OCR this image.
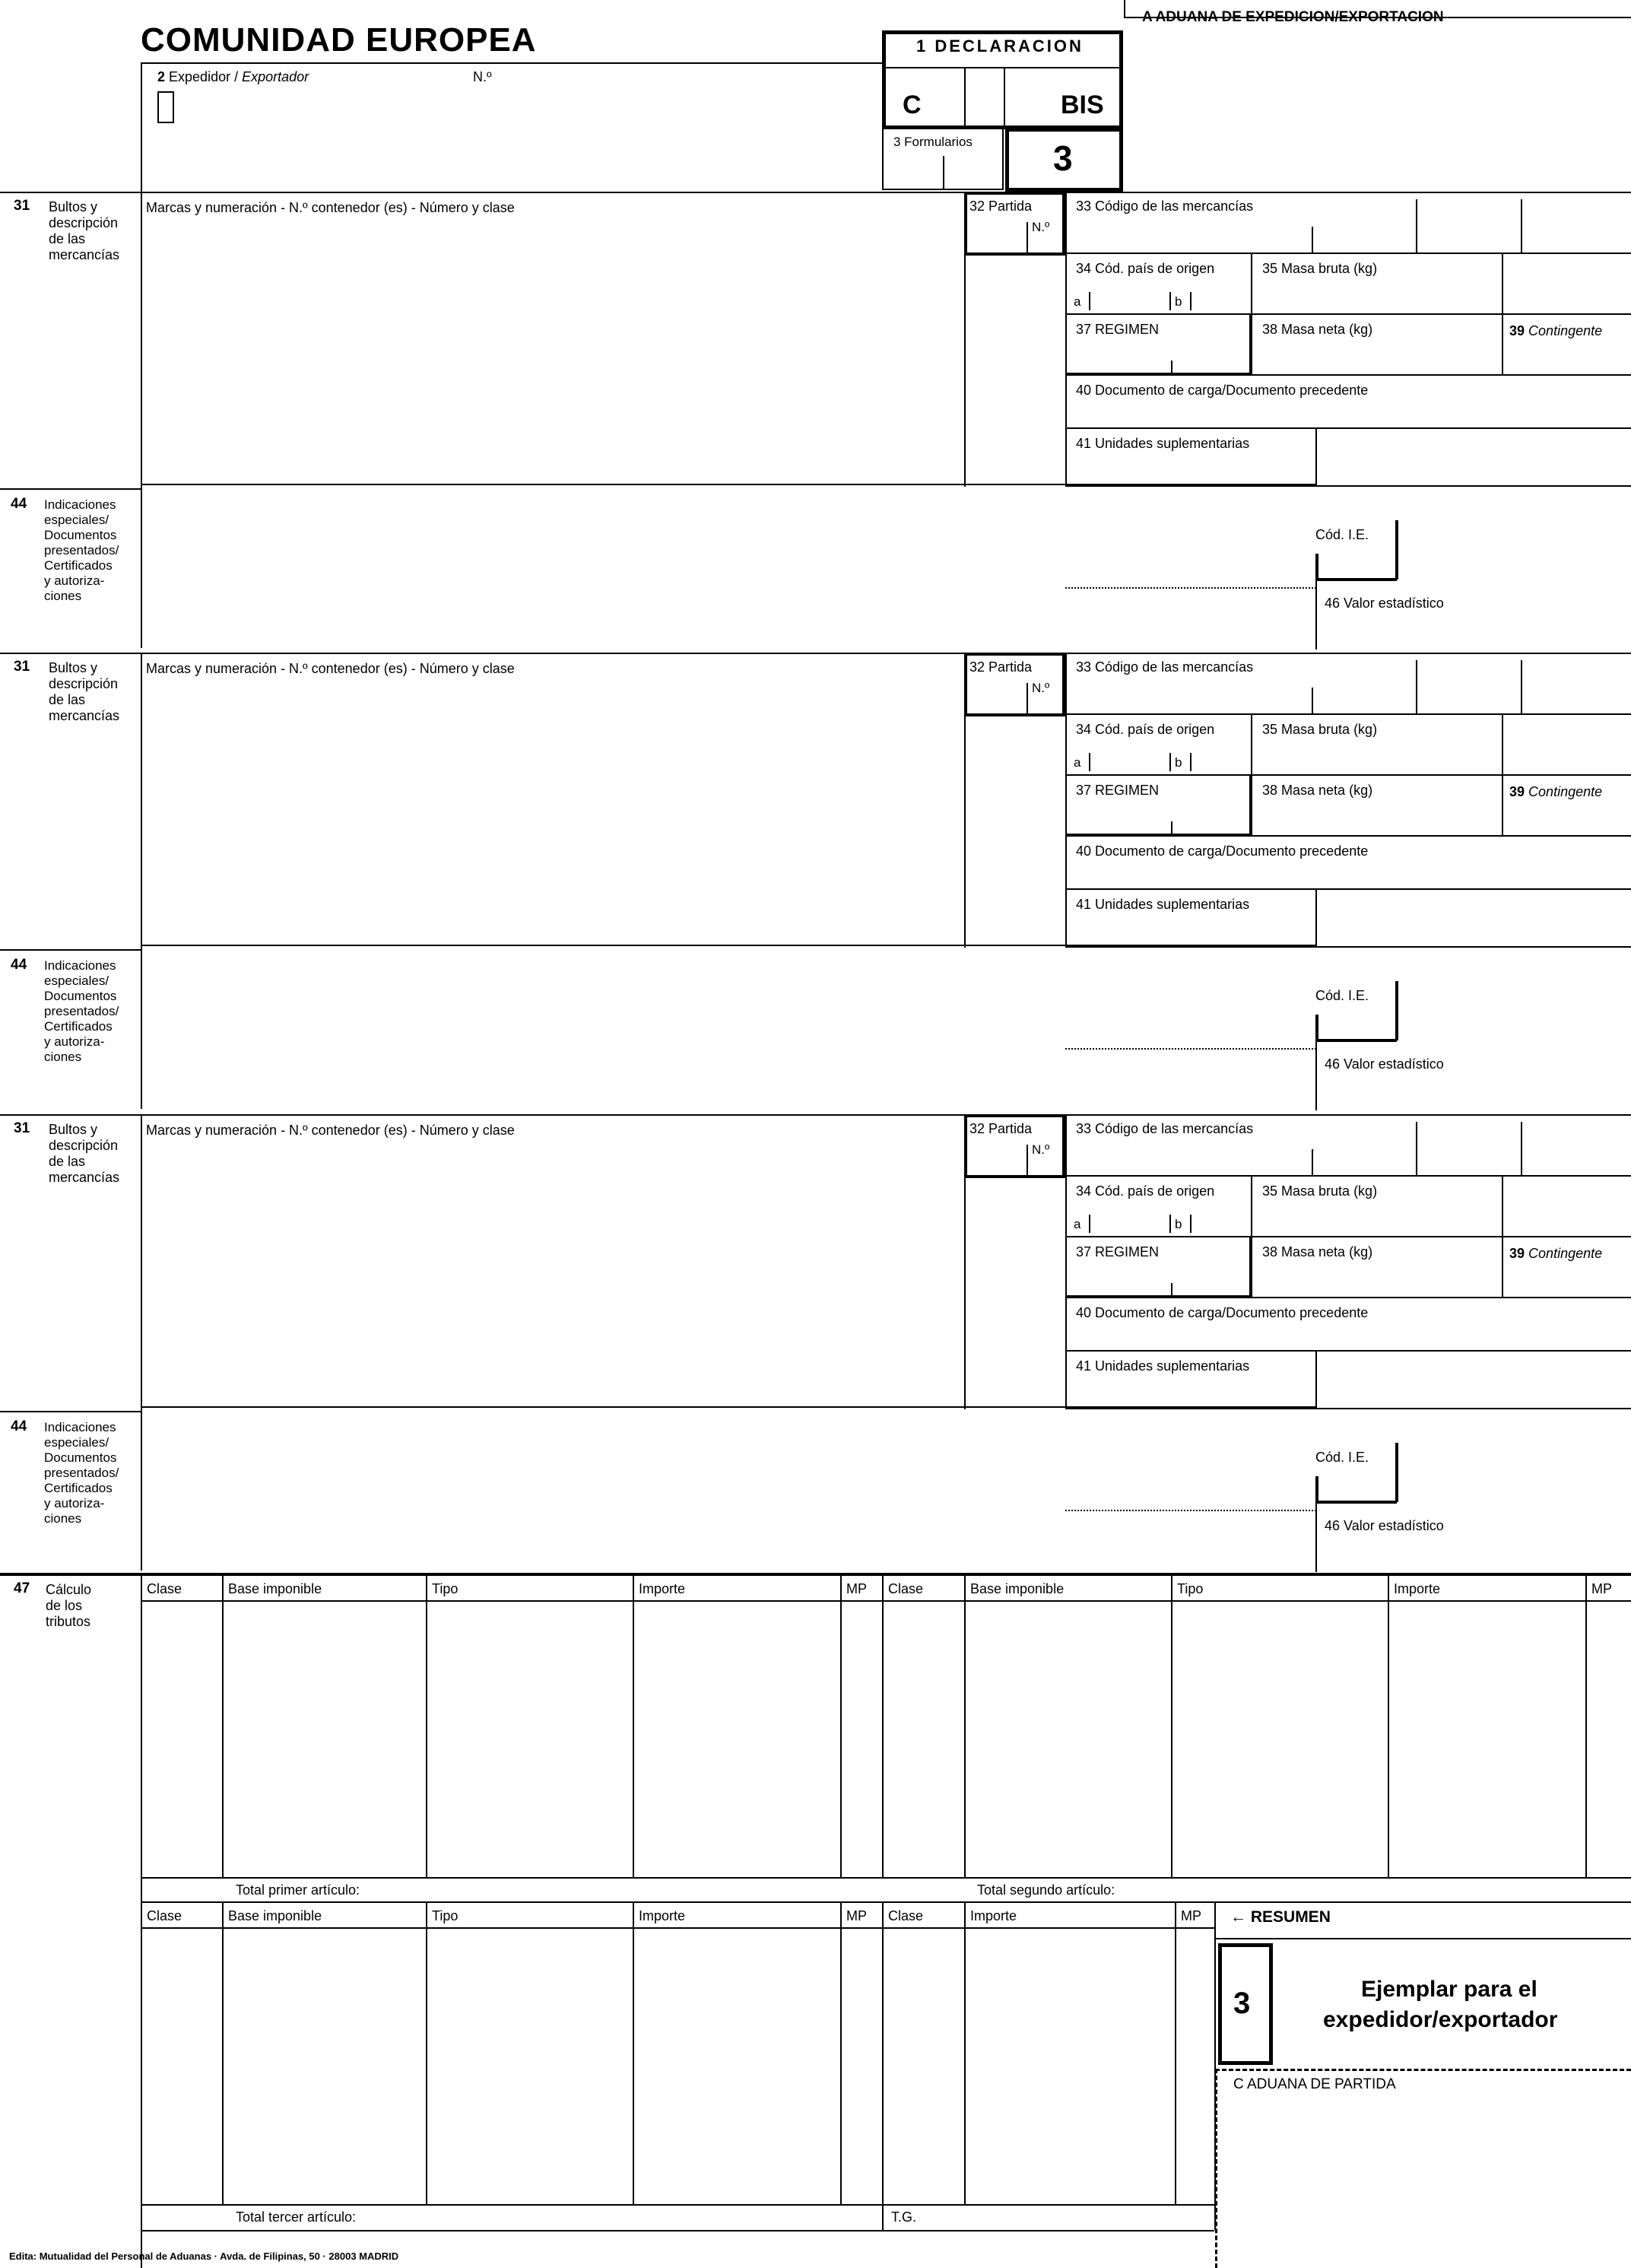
COMUNIDAD EUROPEA
A ADUANA DE EXPEDICION/EXPORTACION
2 Expedidor / Exportador	N.º
1 DECLARACION
C	BIS
3 Formularios 3
31 Bultos y
descripción
de las
mercancías
Marcas y numeración - N.º contenedor (es) - Número y clase	32 Partida
N.º
33 Código de las mercancías
34 Cód. país de origen	35 Masa bruta (kg)
a	b
37 REGIMEN	38 Masa neta (kg)	39 Contingente
40 Documento de carga/Documento precedente
41 Unidades suplementarias
44 Indicaciones
especiales/
Documentos
presentados/
Certificados
y autoriza-
ciones
Cód. I.E.
46 Valor estadístico
31 Bultos y
descripción
de las
mercancías
Marcas y numeración - N.º contenedor (es) - Número y clase	32 Partida
N.º
33 Código de las mercancías
34 Cód. país de origen	35 Masa bruta (kg)
a	b
37 REGIMEN	38 Masa neta (kg)	39 Contingente
40 Documento de carga/Documento precedente
41 Unidades suplementarias
44 Indicaciones
especiales/
Documentos
presentados/
Certificados
y autoriza-
ciones
Cód. I.E.
46 Valor estadístico
31 Bultos y
descripción
de las
mercancías
Marcas y numeración - N.º contenedor (es) - Número y clase	32 Partida
N.º
33 Código de las mercancías
34 Cód. país de origen	35 Masa bruta (kg)
a	b
37 REGIMEN	38 Masa neta (kg)	39 Contingente
40 Documento de carga/Documento precedente
41 Unidades suplementarias
44 Indicaciones
especiales/
Documentos
presentados/
Certificados
y autoriza-
ciones
Cód. I.E.
46 Valor estadístico
47 Cálculo
de los
tributos
Clase	Base imponible	Tipo	Importe	MP Clase	Base imponible	Tipo	Importe	MP
Total primer artículo:	Total segundo artículo:
Clase	Base imponible	Tipo	Importe	MP Clase	Importe	MP
Total tercer artículo:	T.G.
← RESUMEN
3	Ejemplar para el
expedidor/exportador
C ADUANA DE PARTIDA
Edita: Mutualidad del Personal de Aduanas · Avda. de Filipinas, 50 · 28003 MADRID
